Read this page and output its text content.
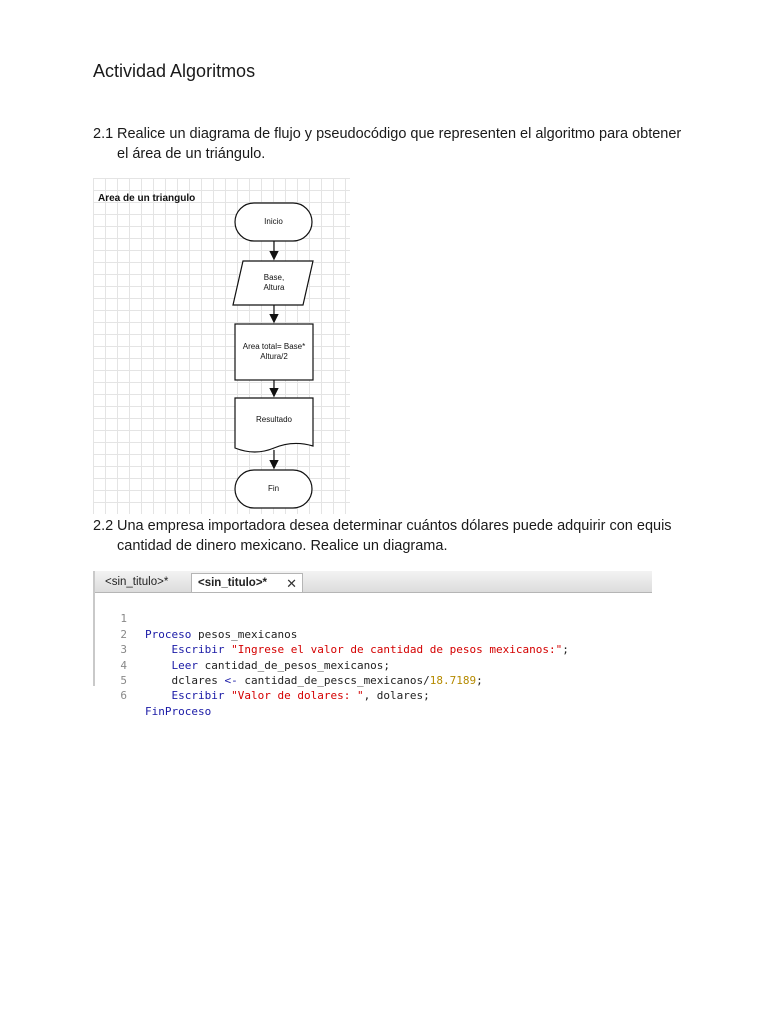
Actividad Algoritmos
2.1 Realice un diagrama de flujo y pseudocódigo que representen el algoritmo para obtener el área de un triángulo.
Area de un triangulo
Inicio
Base,
Altura
Area total= Base*
Altura/2
Resultado
Fin
2.2 Una empresa importadora desea determinar cuántos dólares puede adquirir con equis cantidad de dinero mexicano. Realice un diagrama.
<sin_titulo>*	<sin_titulo>* ✕

1

Proceso pesos_mexicanos

2

Escribir "Ingrese el valor de cantidad de pesos mexicanos:";

3

Leer cantidad_de_pesos_mexicanos;

4

dclares <- cantidad_de_pescs_mexicanos/18.7189;

5

Escribir "Valor de dolares: ", dolares;

6

FinProceso
